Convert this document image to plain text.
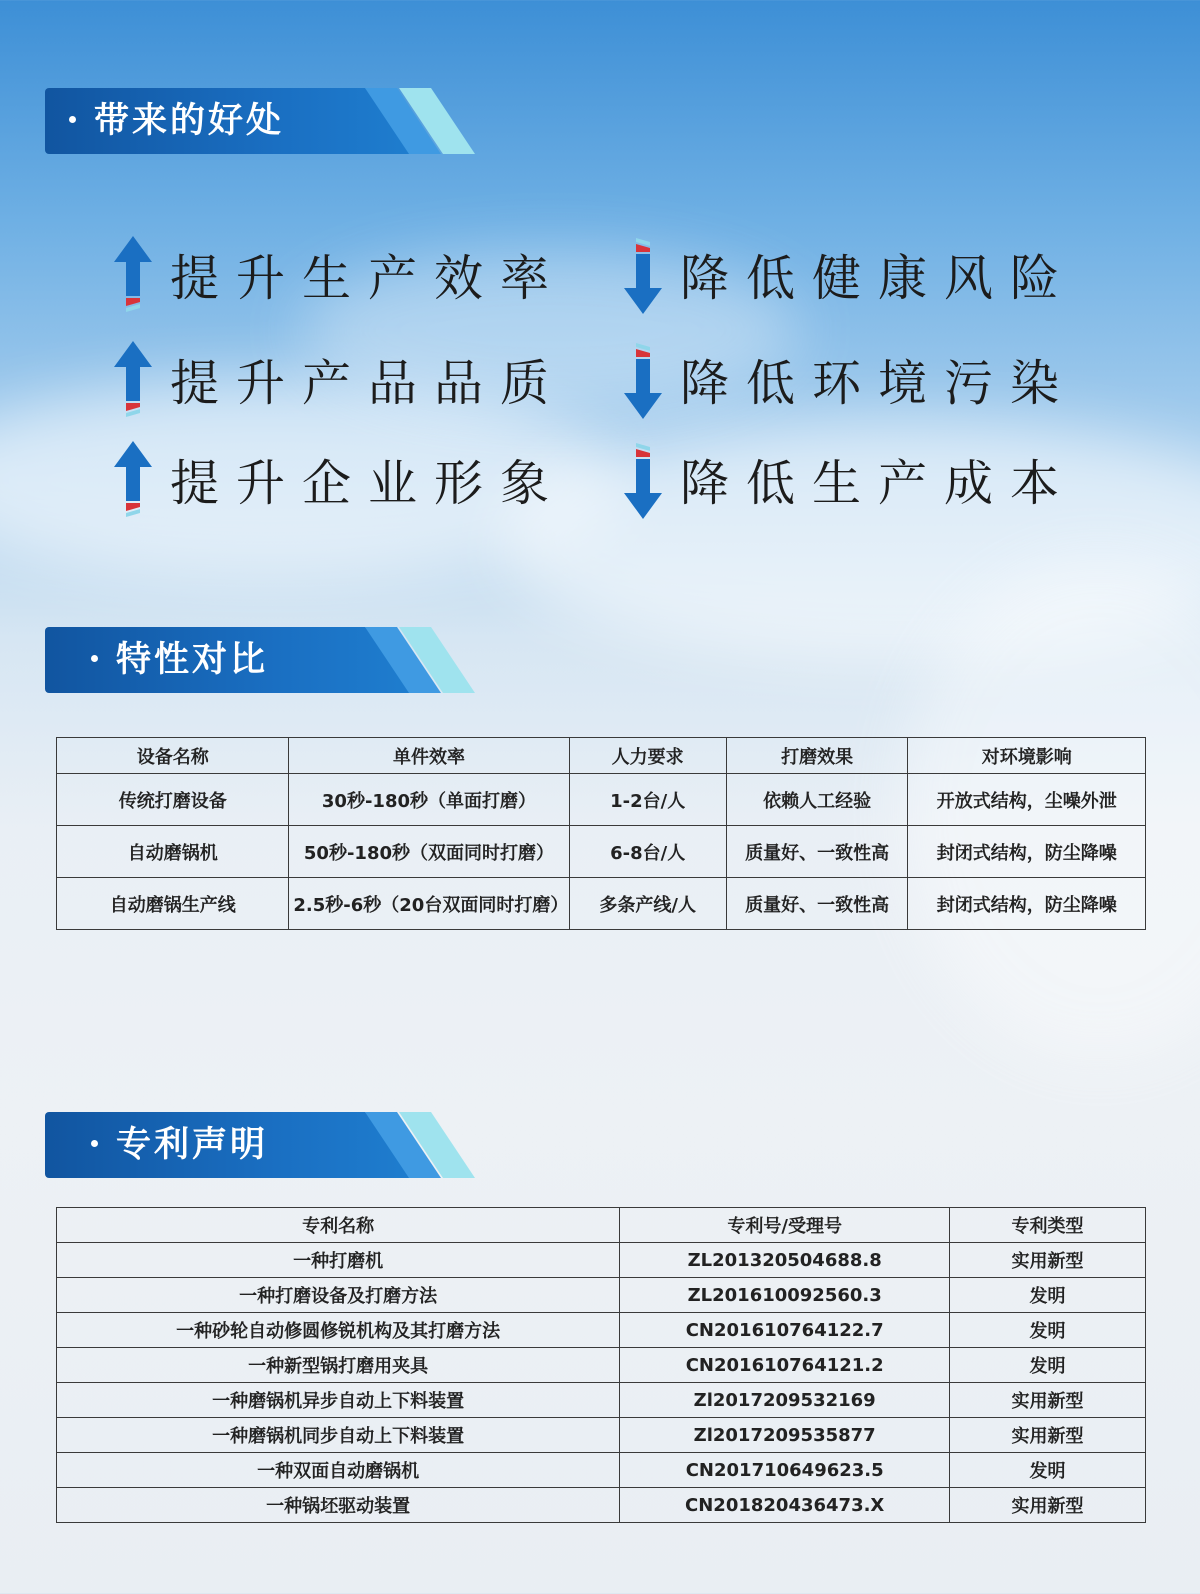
带来的好处
提升生产效率
提升产品品质
提升企业形象
降低健康风险
降低环境污染
降低生产成本
特性对比
设备名称	单件效率	人力要求	打磨效果	对环境影响
传统打磨设备	30秒-180秒（单面打磨）	1-2台/人	依赖人工经验	开放式结构，尘噪外泄
自动磨锅机	50秒-180秒（双面同时打磨）	6-8台/人	质量好、一致性高	封闭式结构，防尘降噪
自动磨锅生产线	2.5秒-6秒（20台双面同时打磨）	多条产线/人	质量好、一致性高	封闭式结构，防尘降噪
专利声明
专利名称	专利号/受理号	专利类型
一种打磨机	ZL201320504688.8	实用新型
一种打磨设备及打磨方法	ZL201610092560.3	发明
一种砂轮自动修圆修锐机构及其打磨方法	CN201610764122.7	发明
一种新型锅打磨用夹具	CN201610764121.2	发明
一种磨锅机异步自动上下料装置	Zl2017209532169	实用新型
一种磨锅机同步自动上下料装置	Zl2017209535877	实用新型
一种双面自动磨锅机	CN201710649623.5	发明
一种锅坯驱动装置	CN201820436473.X	实用新型
